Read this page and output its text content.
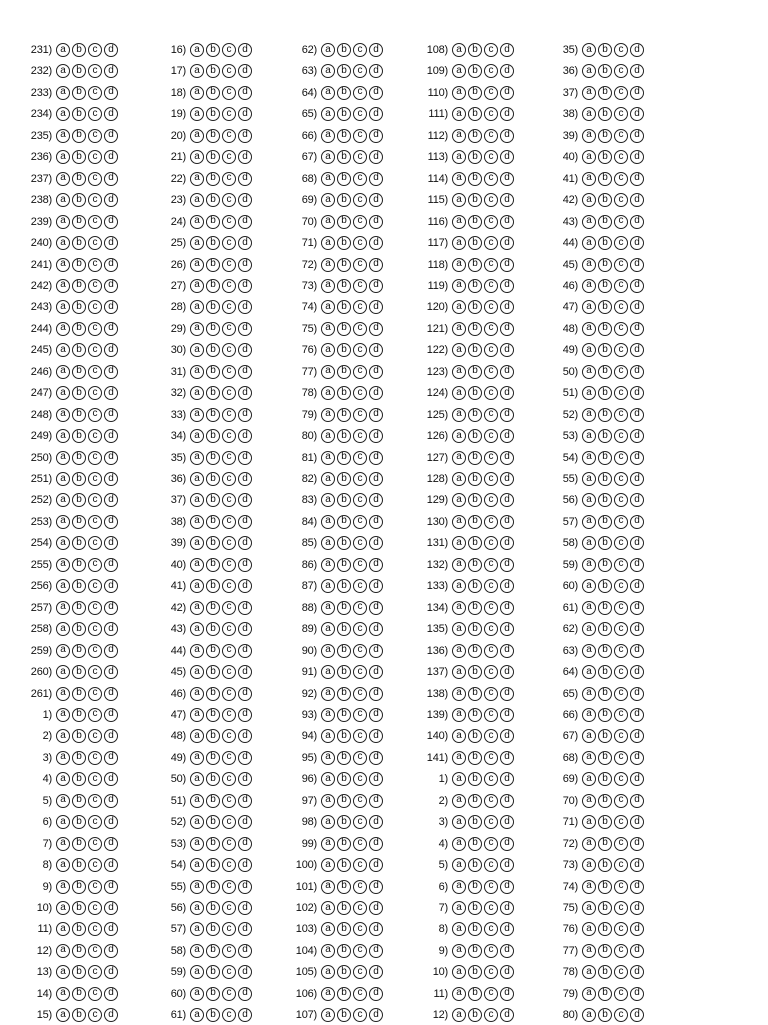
231) a	b	c	d
232) a	b	c	d
233) a	b	c	d
234) a	b	c	d
235) a	b	c	d
236) a	b	c	d
237) a	b	c	d
238) a	b	c	d
239) a	b	c	d
240) a	b	c	d
241) a	b	c	d
242) a	b	c	d
243) a	b	c	d
244) a	b	c	d
245) a	b	c	d
246) a	b	c	d
247) a	b	c	d
248) a	b	c	d
249) a	b	c	d
250) a	b	c	d
251) a	b	c	d
252) a	b	c	d
253) a	b	c	d
254) a	b	c	d
255) a	b	c	d
256) a	b	c	d
257) a	b	c	d
258) a	b	c	d
259) a	b	c	d
260) a	b	c	d
261) a	b	c	d
1) a	b	c	d
2) a	b	c	d
3) a	b	c	d
4) a	b	c	d
5) a	b	c	d
6) a	b	c	d
7) a	b	c	d
8) a	b	c	d
9) a	b	c	d
10) a	b	c	d
11) a	b	c	d
12) a	b	c	d
13) a	b	c	d
14) a	b	c	d
15) a	b	c	d
16) a	b	c	d
17) a	b	c	d
18) a	b	c	d
19) a	b	c	d
20) a	b	c	d
21) a	b	c	d
22) a	b	c	d
23) a	b	c	d
24) a	b	c	d
25) a	b	c	d
26) a	b	c	d
27) a	b	c	d
28) a	b	c	d
29) a	b	c	d
30) a	b	c	d
31) a	b	c	d
32) a	b	c	d
33) a	b	c	d
34) a	b	c	d
35) a	b	c	d
36) a	b	c	d
37) a	b	c	d
38) a	b	c	d
39) a	b	c	d
40) a	b	c	d
41) a	b	c	d
42) a	b	c	d
43) a	b	c	d
44) a	b	c	d
45) a	b	c	d
46) a	b	c	d
47) a	b	c	d
48) a	b	c	d
49) a	b	c	d
50) a	b	c	d
51) a	b	c	d
52) a	b	c	d
53) a	b	c	d
54) a	b	c	d
55) a	b	c	d
56) a	b	c	d
57) a	b	c	d
58) a	b	c	d
59) a	b	c	d
60) a	b	c	d
61) a	b	c	d
62) a	b	c	d
63) a	b	c	d
64) a	b	c	d
65) a	b	c	d
66) a	b	c	d
67) a	b	c	d
68) a	b	c	d
69) a	b	c	d
70) a	b	c	d
71) a	b	c	d
72) a	b	c	d
73) a	b	c	d
74) a	b	c	d
75) a	b	c	d
76) a	b	c	d
77) a	b	c	d
78) a	b	c	d
79) a	b	c	d
80) a	b	c	d
81) a	b	c	d
82) a	b	c	d
83) a	b	c	d
84) a	b	c	d
85) a	b	c	d
86) a	b	c	d
87) a	b	c	d
88) a	b	c	d
89) a	b	c	d
90) a	b	c	d
91) a	b	c	d
92) a	b	c	d
93) a	b	c	d
94) a	b	c	d
95) a	b	c	d
96) a	b	c	d
97) a	b	c	d
98) a	b	c	d
99) a	b	c	d
100) a	b	c	d
101) a	b	c	d
102) a	b	c	d
103) a	b	c	d
104) a	b	c	d
105) a	b	c	d
106) a	b	c	d
107) a	b	c	d
108) a	b	c	d
109) a	b	c	d
110) a	b	c	d
111) a	b	c	d
112) a	b	c	d
113) a	b	c	d
114) a	b	c	d
115) a	b	c	d
116) a	b	c	d
117) a	b	c	d
118) a	b	c	d
119) a	b	c	d
120) a	b	c	d
121) a	b	c	d
122) a	b	c	d
123) a	b	c	d
124) a	b	c	d
125) a	b	c	d
126) a	b	c	d
127) a	b	c	d
128) a	b	c	d
129) a	b	c	d
130) a	b	c	d
131) a	b	c	d
132) a	b	c	d
133) a	b	c	d
134) a	b	c	d
135) a	b	c	d
136) a	b	c	d
137) a	b	c	d
138) a	b	c	d
139) a	b	c	d
140) a	b	c	d
141) a	b	c	d
1) a	b	c	d
2) a	b	c	d
3) a	b	c	d
4) a	b	c	d
5) a	b	c	d
6) a	b	c	d
7) a	b	c	d
8) a	b	c	d
9) a	b	c	d
10) a	b	c	d
11) a	b	c	d
12) a	b	c	d
35) a	b	c	d
36) a	b	c	d
37) a	b	c	d
38) a	b	c	d
39) a	b	c	d
40) a	b	c	d
41) a	b	c	d
42) a	b	c	d
43) a	b	c	d
44) a	b	c	d
45) a	b	c	d
46) a	b	c	d
47) a	b	c	d
48) a	b	c	d
49) a	b	c	d
50) a	b	c	d
51) a	b	c	d
52) a	b	c	d
53) a	b	c	d
54) a	b	c	d
55) a	b	c	d
56) a	b	c	d
57) a	b	c	d
58) a	b	c	d
59) a	b	c	d
60) a	b	c	d
61) a	b	c	d
62) a	b	c	d
63) a	b	c	d
64) a	b	c	d
65) a	b	c	d
66) a	b	c	d
67) a	b	c	d
68) a	b	c	d
69) a	b	c	d
70) a	b	c	d
71) a	b	c	d
72) a	b	c	d
73) a	b	c	d
74) a	b	c	d
75) a	b	c	d
76) a	b	c	d
77) a	b	c	d
78) a	b	c	d
79) a	b	c	d
80) a	b	c	d
